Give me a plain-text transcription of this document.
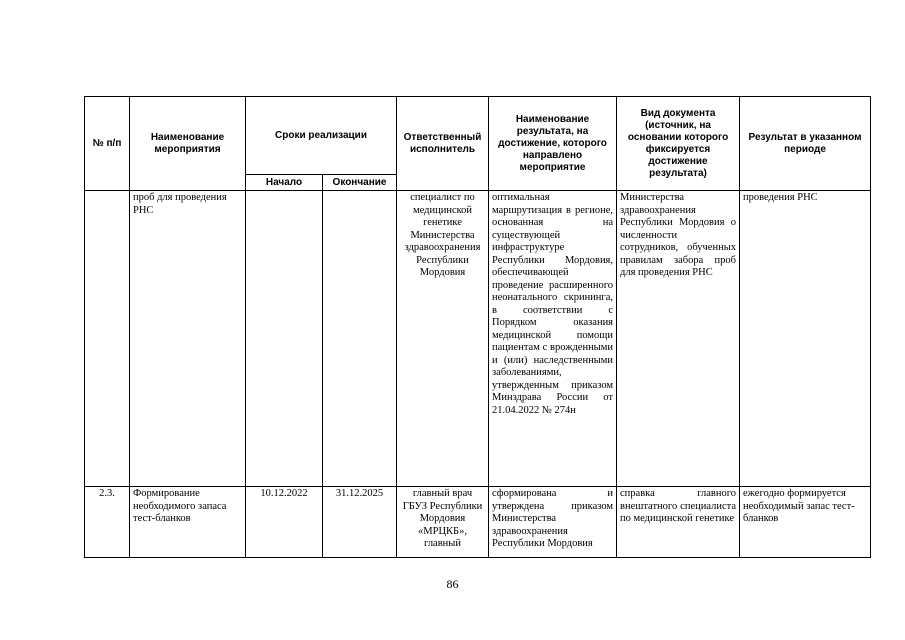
№ п/п	Наименование мероприятия	Сроки реализации		Ответственный исполнитель	Наименование результата, на достижение, которого направлено мероприятие	Вид документа (источник, на основании которого фиксируется достижение результата)	Результат в указанном периоде
		Начало	Окончание				
	проб для проведения РНС			специалист по медицинской генетике Министерства здравоохранения Республики Мордовия	оптимальная маршрутизация в регионе, основанная на существующей инфраструктуре Республики Мордовия, обеспечивающей проведение расширенного неонатального скрининга, в соответствии с Порядком оказания медицинской помощи пациентам с врожденными и (или) наследственными заболеваниями, утвержденным приказом Минздрава России от 21.04.2022 № 274н	Министерства здравоохранения Республики Мордовия о численности сотрудников, обученных правилам забора проб для проведения РНС	проведения РНС
2.3.	Формирование необходимого запаса тест-бланков	10.12.2022	31.12.2025	главный врач ГБУЗ Республики Мордовия «МРЦКБ», главный	сформирована и утверждена приказом Министерства здравоохранения Республики Мордовия	справка главного внештатного специалиста по медицинской генетике	ежегодно формируется необходимый запас тест-бланков
86
